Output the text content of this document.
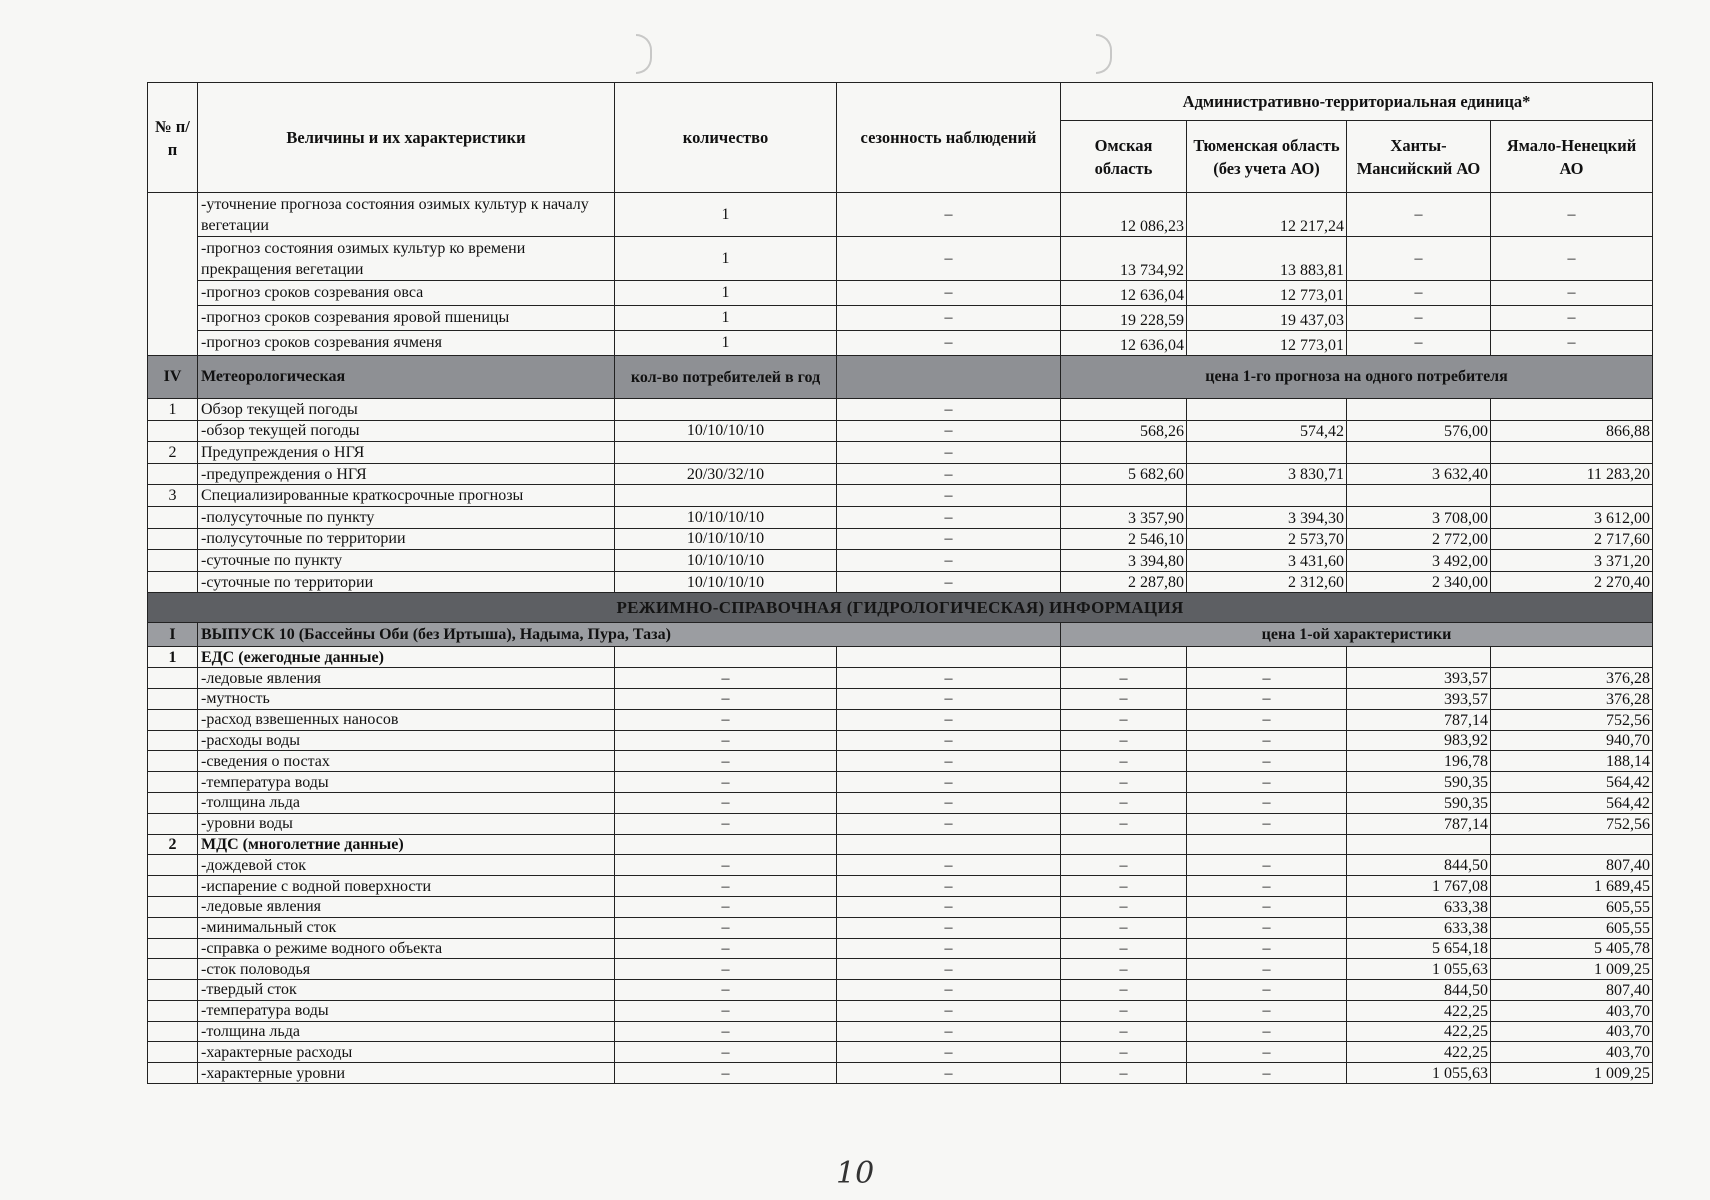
№ п/п	Величины и их характеристики	количество	сезонность наблюдений	Административно-территориальная единица*			
				Омская область	Тюменская область (без учета АО)	Ханты-Мансийский АО	Ямало-Ненецкий АО
	-уточнение прогноза состояния озимых культур к началу вегетации	1	–	12 086,23	12 217,24	–	–
	-прогноз состояния озимых культур ко времени прекращения вегетации	1	–	13 734,92	13 883,81	–	–
	-прогноз сроков созревания овса	1	–	12 636,04	12 773,01	–	–
	-прогноз сроков созревания яровой пшеницы	1	–	19 228,59	19 437,03	–	–
	-прогноз сроков созревания ячменя	1	–	12 636,04	12 773,01	–	–
IV	Метеорологическая	кол-во потребителей в год		цена 1-го прогноза на одного потребителя			
1	Обзор текущей погоды		–				
	-обзор текущей погоды	10/10/10/10	–	568,26	574,42	576,00	866,88
2	Предупреждения о НГЯ		–				
	-предупреждения о НГЯ	20/30/32/10	–	5 682,60	3 830,71	3 632,40	11 283,20
3	Специализированные краткосрочные прогнозы		–				
	-полусуточные по пункту	10/10/10/10	–	3 357,90	3 394,30	3 708,00	3 612,00
	-полусуточные по территории	10/10/10/10	–	2 546,10	2 573,70	2 772,00	2 717,60
	-суточные по пункту	10/10/10/10	–	3 394,80	3 431,60	3 492,00	3 371,20
	-суточные по территории	10/10/10/10	–	2 287,80	2 312,60	2 340,00	2 270,40
РЕЖИМНО-СПРАВОЧНАЯ (ГИДРОЛОГИЧЕСКАЯ) ИНФОРМАЦИЯ							
I	ВЫПУСК 10 (Бассейны Оби (без Иртыша), Надыма, Пура, Таза)			цена 1-ой характеристики			
1	ЕДС (ежегодные данные)						
	-ледовые явления	–	–	–	–	393,57	376,28
	-мутность	–	–	–	–	393,57	376,28
	-расход взвешенных наносов	–	–	–	–	787,14	752,56
	-расходы воды	–	–	–	–	983,92	940,70
	-сведения о постах	–	–	–	–	196,78	188,14
	-температура воды	–	–	–	–	590,35	564,42
	-толщина льда	–	–	–	–	590,35	564,42
	-уровни воды	–	–	–	–	787,14	752,56
2	МДС (многолетние данные)						
	-дождевой сток	–	–	–	–	844,50	807,40
	-испарение с водной поверхности	–	–	–	–	1 767,08	1 689,45
	-ледовые явления	–	–	–	–	633,38	605,55
	-минимальный сток	–	–	–	–	633,38	605,55
	-справка о режиме водного объекта	–	–	–	–	5 654,18	5 405,78
	-сток половодья	–	–	–	–	1 055,63	1 009,25
	-твердый сток	–	–	–	–	844,50	807,40
	-температура воды	–	–	–	–	422,25	403,70
	-толщина льда	–	–	–	–	422,25	403,70
	-характерные расходы	–	–	–	–	422,25	403,70
	-характерные уровни	–	–	–	–	1 055,63	1 009,25
10
